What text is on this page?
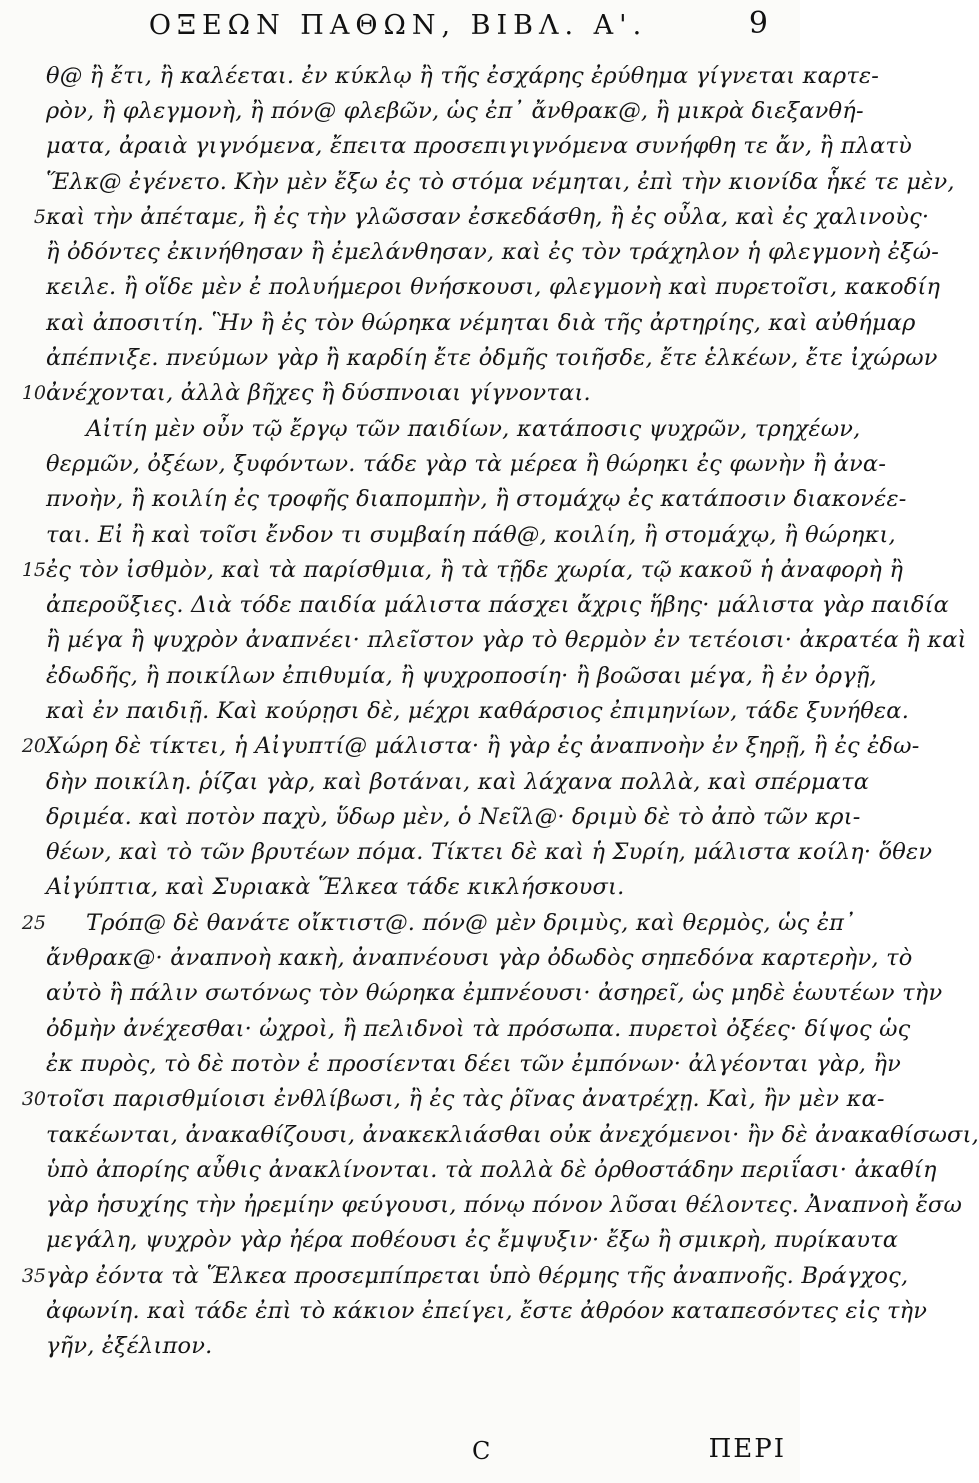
ΟΞΕΩΝ ΠΑΘΩΝ, ΒΙΒΛ. Α'.	9
θ@ ἢ ἔτι, ἢ καλέεται. ἐν κύκλῳ ἢ τῆς ἐσχάρης ἐρύθημα γίγνεται καρτε-
ρὸν, ἢ φλεγμονὴ, ἢ πόν@ φλεβῶν, ὡς ἐπ᾽ ἄνθρακ@, ἢ μικρὰ διεξανθή-
ματα, ἀραιὰ γιγνόμενα, ἔπειτα προσεπιγιγνόμενα συνήφθη τε ἄν, ἢ πλατὺ
Ἕλκ@ ἐγένετο. Κὴν μὲν ἔξω ἐς τὸ στόμα νέμηται, ἐπὶ τὴν κιονίδα ἧκέ τε μὲν,
5 καὶ τὴν ἀπέταμε, ἢ ἐς τὴν γλῶσσαν ἐσκεδάσθη, ἢ ἐς οὖλα, καὶ ἐς χαλινοὺς·
ἢ ὀδόντες ἐκινήθησαν ἢ ἐμελάνθησαν, καὶ ἐς τὸν τράχηλον ἡ φλεγμονὴ ἐξώ-
κειλε. ἢ οἵδε μὲν ἐ πολυήμεροι θνήσκουσι, φλεγμονὴ καὶ πυρετοῖσι, κακοδίη
καὶ ἀποσιτίη. Ἣν ἢ ἐς τὸν θώρηκα νέμηται διὰ τῆς ἀρτηρίης, καὶ αὐθήμαρ
ἀπέπνιξε. πνεύμων γὰρ ἢ καρδίη ἔτε ὀδμῆς τοιῆσδε, ἔτε ἑλκέων, ἔτε ἰχώρων
10 ἀνέχονται, ἀλλὰ βῆχες ἢ δύσπνοιαι γίγνονται.
Αἰτίη μὲν οὖν τῷ ἔργῳ τῶν παιδίων, κατάποσις ψυχρῶν, τρηχέων,
θερμῶν, ὀξέων, ξυφόντων. τάδε γὰρ τὰ μέρεα ἢ θώρηκι ἐς φωνὴν ἢ ἀνα-
πνοὴν, ἢ κοιλίη ἐς τροφῆς διαπομπὴν, ἢ στομάχῳ ἐς κατάποσιν διακονέε-
ται. Εἰ ἢ καὶ τοῖσι ἔνδον τι συμβαίη πάθ@, κοιλίη, ἢ στομάχῳ, ἢ θώρηκι,
15 ἐς τὸν ἰσθμὸν, καὶ τὰ παρίσθμια, ἢ τὰ τῇδε χωρία, τῷ κακοῦ ἡ ἀναφορὴ ἢ
ἀπεροῦξιες. Διὰ τόδε παιδία μάλιστα πάσχει ἄχρις ἥβης· μάλιστα γὰρ παιδία
ἢ μέγα ἢ ψυχρὸν ἀναπνέει· πλεῖστον γὰρ τὸ θερμὸν ἐν τετέοισι· ἀκρατέα ἢ καὶ
ἐδωδῆς, ἢ ποικίλων ἐπιθυμία, ἢ ψυχροποσίη· ἢ βοῶσαι μέγα, ἢ ἐν ὀργῇ,
καὶ ἐν παιδιῇ. Καὶ κούρῃσι δὲ, μέχρι καθάρσιος ἐπιμηνίων, τάδε ξυνήθεα.
20 Χώρη δὲ τίκτει, ἡ Αἰγυπτί@ μάλιστα· ἢ γὰρ ἐς ἀναπνοὴν ἐν ξηρῇ, ἢ ἐς ἐδω-
δὴν ποικίλη. ῥίζαι γὰρ, καὶ βοτάναι, καὶ λάχανα πολλὰ, καὶ σπέρματα
δριμέα. καὶ ποτὸν παχὺ, ὕδωρ μὲν, ὁ Νεῖλ@· δριμὺ δὲ τὸ ἀπὸ τῶν κρι-
θέων, καὶ τὸ τῶν βρυτέων πόμα. Τίκτει δὲ καὶ ἡ Συρίη, μάλιστα κοίλη· ὅθεν
Αἰγύπτια, καὶ Συριακὰ Ἕλκεα τάδε κικλήσκουσι.
25 Τρόπ@ δὲ θανάτε οἴκτιστ@. πόν@ μὲν δριμὺς, καὶ θερμὸς, ὡς ἐπ᾽
ἄνθρακ@· ἀναπνοὴ κακὴ, ἀναπνέουσι γὰρ ὀδωδὸς σηπεδόνα καρτερὴν, τὸ
αὐτὸ ἢ πάλιν σωτόνως τὸν θώρηκα ἐμπνέουσι· ἀσηρεῖ, ὡς μηδὲ ἑωυτέων τὴν
ὀδμὴν ἀνέχεσθαι· ὠχροὶ, ἢ πελιδνοὶ τὰ πρόσωπα. πυρετοὶ ὀξέες· δίψος ὡς
ἐκ πυρὸς, τὸ δὲ ποτὸν ἐ προσίενται δέει τῶν ἐμπόνων· ἀλγέονται γὰρ, ἢν
30 τοῖσι παρισθμίοισι ἐνθλίβωσι, ἢ ἐς τὰς ῥῖνας ἀνατρέχῃ. Καὶ, ἢν μὲν κα-
τακέωνται, ἀνακαθίζουσι, ἀνακεκλιάσθαι οὐκ ἀνεχόμενοι· ἢν δὲ ἀνακαθίσωσι,
ὑπὸ ἀπορίης αὖθις ἀνακλίνονται. τὰ πολλὰ δὲ ὀρθοστάδην περιΐασι· ἀκαθίη
γὰρ ἡσυχίης τὴν ἠρεμίην φεύγουσι, πόνῳ πόνον λῦσαι θέλοντες. Ἀναπνοὴ ἔσω
μεγάλη, ψυχρὸν γὰρ ἠέρα ποθέουσι ἐς ἔμψυξιν· ἔξω ἢ σμικρὴ, πυρίκαυτα
35 γὰρ ἐόντα τὰ Ἕλκεα προσεμπίπρεται ὑπὸ θέρμης τῆς ἀναπνοῆς. Βράγχος,
ἀφωνίη. καὶ τάδε ἐπὶ τὸ κάκιον ἐπείγει, ἔστε ἀθρόον καταπεσόντες εἰς τὴν
γῆν, ἐξέλιπον.
C	ΠΕΡΙ
